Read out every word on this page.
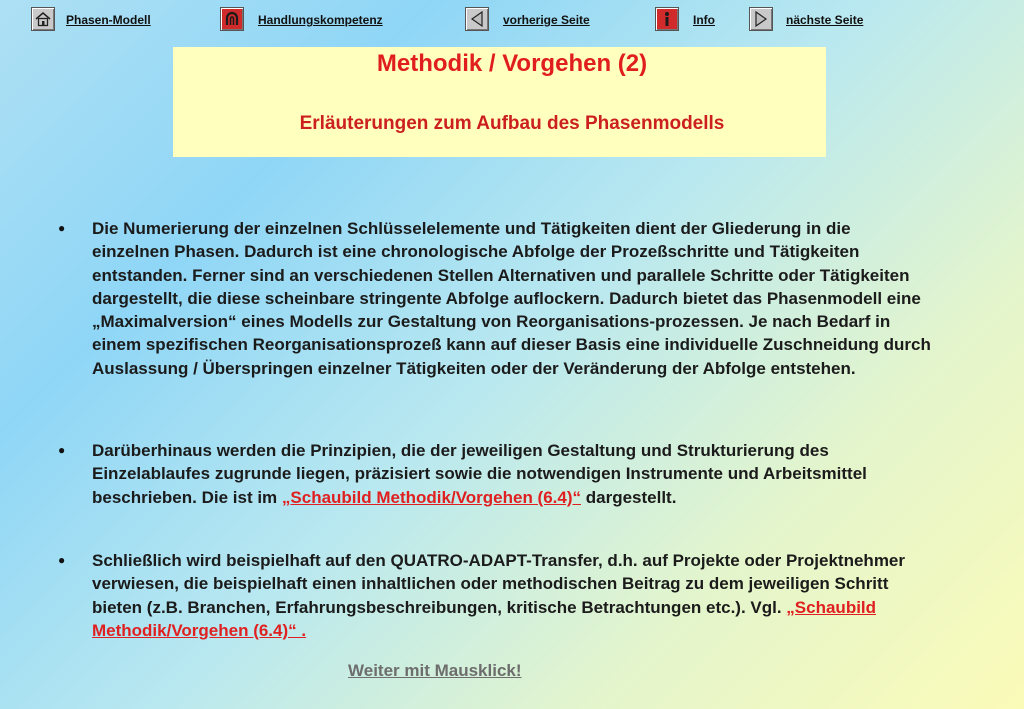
Phasen-Modell	Handlungskompetenz	vorherige Seite	Info	nächste Seite
Methodik / Vorgehen (2)
Erläuterungen zum Aufbau des Phasenmodells
● Die Numerierung der einzelnen Schlüsselelemente und Tätigkeiten dient der Gliederung in die einzelnen Phasen. Dadurch ist eine chronologische Abfolge der Prozeßschritte und Tätigkeiten entstanden. Ferner sind an verschiedenen Stellen Alternativen und parallele Schritte oder Tätigkeiten dargestellt, die diese scheinbare stringente Abfolge auflockern. Dadurch bietet das Phasenmodell eine „Maximalversion“ eines Modells zur Gestaltung von Reorganisations-prozessen. Je nach Bedarf in einem spezifischen Reorganisationsprozeß kann auf dieser Basis eine individuelle Zuschneidung durch Auslassung / Überspringen einzelner Tätigkeiten oder der Veränderung der Abfolge entstehen.
● Darüberhinaus werden die Prinzipien, die der jeweiligen Gestaltung und Strukturierung des Einzelablaufes zugrunde liegen, präzisiert sowie die notwendigen Instrumente und Arbeitsmittel beschrieben. Die ist im „Schaubild Methodik/Vorgehen (6.4)“ dargestellt.
● Schließlich wird beispielhaft auf den QUATRO-ADAPT-Transfer, d.h. auf Projekte oder Projektnehmer verwiesen, die beispielhaft einen inhaltlichen oder methodischen Beitrag zu dem jeweiligen Schritt bieten (z.B. Branchen, Erfahrungsbeschreibungen, kritische Betrachtungen etc.). Vgl. „Schaubild Methodik/Vorgehen (6.4)“ .
Weiter mit Mausklick!
